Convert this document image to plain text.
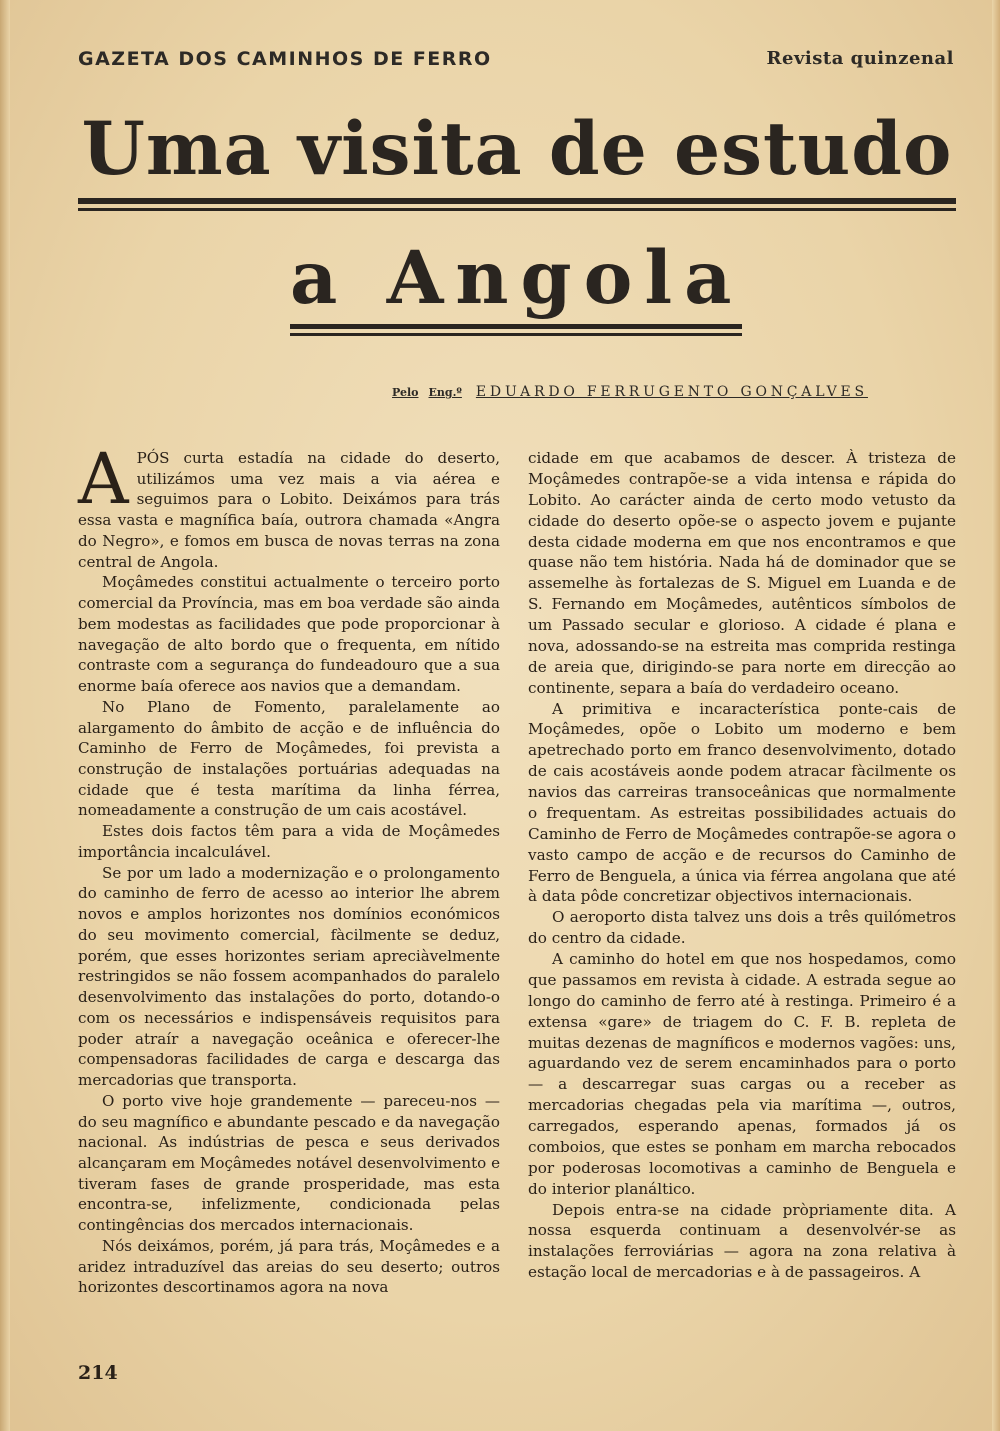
GAZETA DOS CAMINHOS DE FERRO	Revista quinzenal
Uma visita de estudo
a Angola
Pelo Eng.º EDUARDO FERRUGENTO GONÇALVES

APÓS curta estadía na cidade do deserto, utilizámos uma vez mais a via aérea e seguimos para o Lobito. Deixámos para trás essa vasta e magnífica baía, outrora chamada «Angra do Negro», e fomos em busca de novas terras na zona central de Angola.

Moçâmedes constitui actualmente o terceiro porto comercial da Província, mas em boa verdade são ainda bem modestas as facilidades que pode proporcionar à navegação de alto bordo que o frequenta, em nítido contraste com a segurança do fundeadouro que a sua enorme baía oferece aos navios que a demandam.

No Plano de Fomento, paralelamente ao alargamento do âmbito de acção e de influência do Caminho de Ferro de Moçâmedes, foi prevista a construção de instalações portuárias adequadas na cidade que é testa marítima da linha férrea, nomeadamente a construção de um cais acostável.

Estes dois factos têm para a vida de Moçâmedes importância incalculável.

Se por um lado a modernização e o prolongamento do caminho de ferro de acesso ao interior lhe abrem novos e amplos horizontes nos domínios económicos do seu movimento comercial, fàcilmente se deduz, porém, que esses horizontes seriam apreciàvelmente restringidos se não fossem acompanhados do paralelo desenvolvimento das instalações do porto, dotando-o com os necessários e indispensáveis requisitos para poder atraír a navegação oceânica e oferecer-lhe compensadoras facilidades de carga e descarga das mercadorias que transporta.

O porto vive hoje grandemente — pareceu-nos — do seu magnífico e abundante pescado e da navegação nacional. As indústrias de pesca e seus derivados alcançaram em Moçâmedes notável desenvolvimento e tiveram fases de grande prosperidade, mas esta encontra-se, infelizmente, condicionada pelas contingências dos mercados internacionais.

Nós deixámos, porém, já para trás, Moçâmedes e a aridez intraduzível das areias do seu deserto; outros horizontes descortinamos agora na nova

cidade em que acabamos de descer. À tristeza de Moçâmedes contrapõe-se a vida intensa e rápida do Lobito. Ao carácter ainda de certo modo vetusto da cidade do deserto opõe-se o aspecto jovem e pujante desta cidade moderna em que nos encontramos e que quase não tem história. Nada há de dominador que se assemelhe às fortalezas de S. Miguel em Luanda e de S. Fernando em Moçâmedes, autênticos símbolos de um Passado secular e glorioso. A cidade é plana e nova, adossando-se na estreita mas comprida restinga de areia que, dirigindo-se para norte em direcção ao continente, separa a baía do verdadeiro oceano.

A primitiva e incaracterística ponte-cais de Moçâmedes, opõe o Lobito um moderno e bem apetrechado porto em franco desenvolvimento, dotado de cais acostáveis aonde podem atracar fàcilmente os navios das carreiras transoceânicas que normalmente o frequentam. As estreitas possibilidades actuais do Caminho de Ferro de Moçâmedes contrapõe-se agora o vasto campo de acção e de recursos do Caminho de Ferro de Benguela, a única via férrea angolana que até à data pôde concretizar objectivos internacionais.

O aeroporto dista talvez uns dois a três quilómetros do centro da cidade.

A caminho do hotel em que nos hospedamos, como que passamos em revista à cidade. A estrada segue ao longo do caminho de ferro até à restinga. Primeiro é a extensa «gare» de triagem do C. F. B. repleta de muitas dezenas de magníficos e modernos vagões: uns, aguardando vez de serem encaminhados para o porto — a descarregar suas cargas ou a receber as mercadorias chegadas pela via marítima —, outros, carregados, esperando apenas, formados já os comboios, que estes se ponham em marcha rebocados por poderosas locomotivas a caminho de Benguela e do interior planáltico.

Depois entra-se na cidade pròpriamente dita. A nossa esquerda continuam a desenvolvér-se as instalações ferroviárias — agora na zona relativa à estação local de mercadorias e à de passageiros. A

214
